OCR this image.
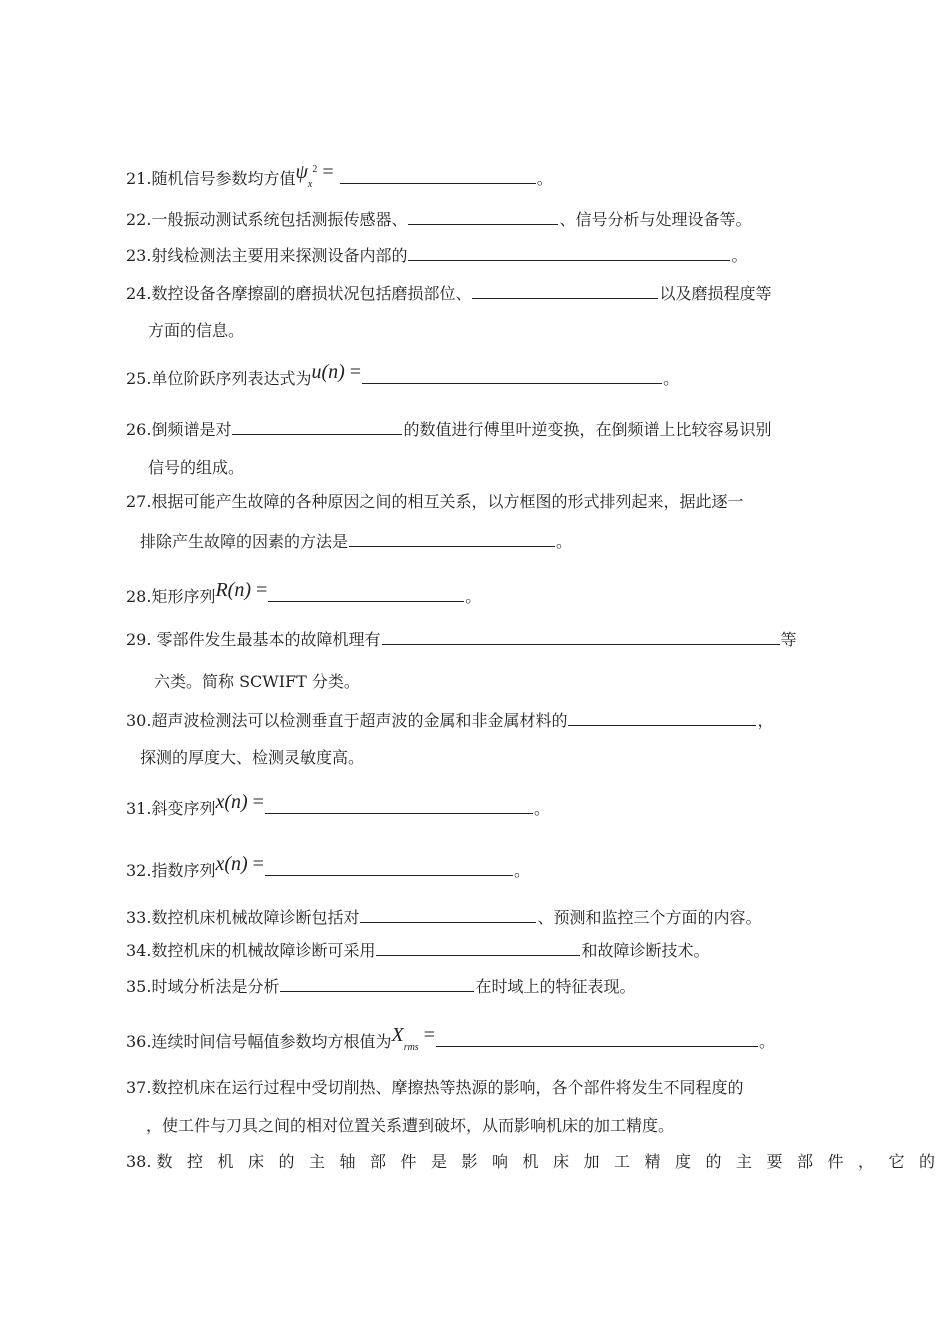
21.随机信号参数均方值$\psi x^2$ =	。
22.一般振动测试系统包括测振传感器、	、信号分析与处理设备等。
23.射线检测法主要用来探测设备内部的	。
24.数控设备各摩擦副的磨损状况包括磨损部位、	以及磨损程度等
方面的信息。
25.单位阶跃序列表达式为u(n) =	。
26.倒频谱是对	的数值进行傅里叶逆变换，在倒频谱上比较容易识别
信号的组成。
27.根据可能产生故障的各种原因之间的相互关系，以方框图的形式排列起来，据此逐一
排除产生故障的因素的方法是	。
28.矩形序列R(n) =	。
29. 零部件发生最基本的故障机理有	等
六类。简称 SCWIFT 分类。
30.超声波检测法可以检测垂直于超声波的金属和非金属材料的	，
探测的厚度大、检测灵敏度高。
31.斜变序列x(n) =	。
32.指数序列x(n) =	。
33.数控机床机械故障诊断包括对	、预测和监控三个方面的内容。
34.数控机床的机械故障诊断可采用	和故障诊断技术。
35.时域分析法是分析	在时域上的特征表现。
36.连续时间信号幅值参数均方根值为Xrms =	。
37.数控机床在运行过程中受切削热、摩擦热等热源的影响，各个部件将发生不同程度的
，使工件与刀具之间的相对位置关系遭到破坏，从而影响机床的加工精度。
38. 数控机床的主轴部件是影响机床加工精度的主要部件，它的
